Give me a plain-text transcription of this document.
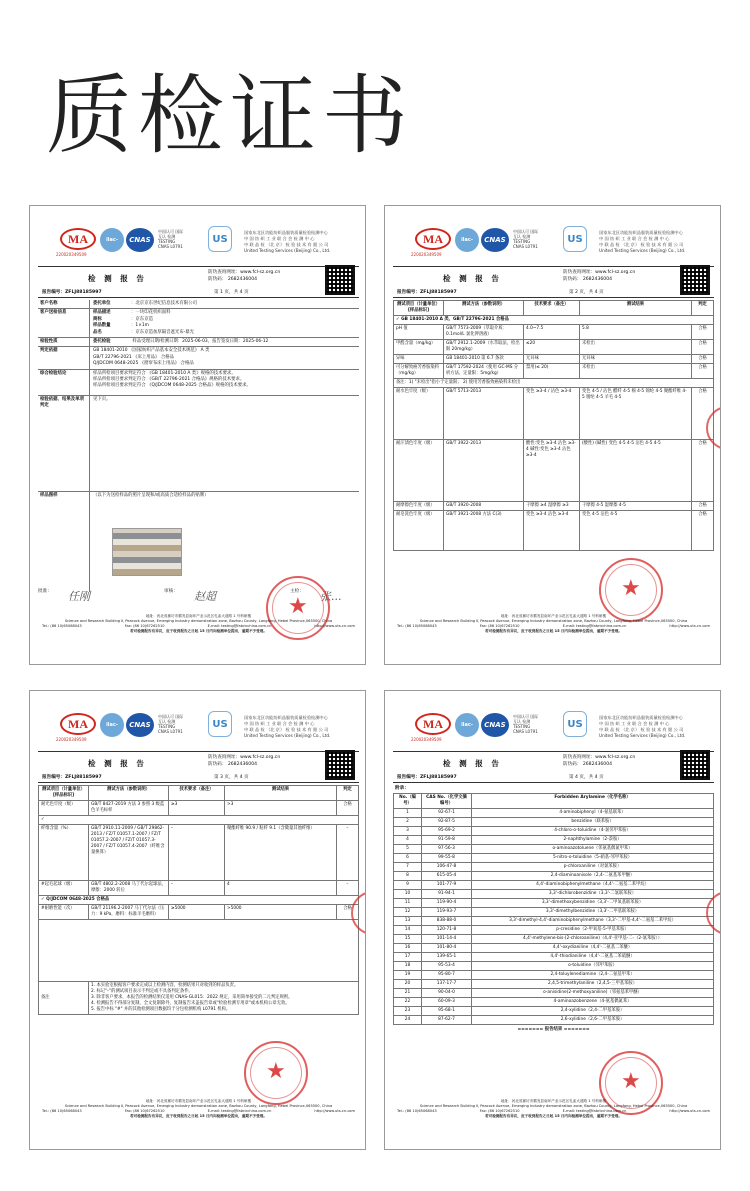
质检证书
MA
220020349509
ilac-MRA
CNAS
中国认可 国际互认 检测 TESTING CNAS L0791
US
国家东北区功能纺织品服装质量检验检测中心
中 国 纺 织 工 业 联 合 会 检 测 中 心
中 联 品 检 （北 京） 检 验 技 术 有 限 公 司
United Testing Services (Beijing) Co., Ltd.
检 测 报 告
防伪查询网址：www.fcl-sz.org.cn
防伪码： 2682436004
报告编号：ZFLJ88185997	第 1 页，共 4 页
客户名称	委托单位	：北京京东世纪信息技术有限公司
客户送检信息	样品描述	：一块印花机织面料
商标	：京东京造
样品数量	：1×1m
品名	：京东京造加厚隔音遮光布-暴光
检验性质	委托检验	样品受理日期/检测日期：2025-06-03，报告签发日期：2025-06-12
判定依据	GB 18401-2010 《国家纺织产品基本安全技术规范》 A 类
GB/T 22796-2021 《床上用品》 合格品
Q/JDCOM 0648-2025 《窗帘布床上用品》 合格品
综合检验结论	样品所检项目要求判定符合 《GB 18401-2010 A 类》规格的技术要求。
样品所检项目要求判定符合 《GB/T 22796-2021 合格品》规格的技术要求。
样品所检项目要求判定符合 《Q/JDCOM 0648-2025 合格品》规格的技术要求。
检验依据、结果及单项判定
见下页。
样品图样	（以下为送检样品的照片呈现和/或高质合适检样品的贴牌）
批准：	任刚	审核：	赵超	主检：	张...
★
地址：河北省廊坊市霸发县南环产业示范区孔雀大道路 1 号科研楼
Science and Research Building Ⅱ, Peacock Avenue, Emerging Industry demonstration zone, Bazhou County, Langfang, Hebei Province,065500, China
Tel.: (86 10)65068043	Fax: (86 10)67262510	E-mail: testing@fabricchina.com.cn	http://www.uts-cn.com
若对检测报告有异议，应于收到报告之日起 15 日内向检测单位提出，逾期不予受理。
MA
220020349509
ilac-MRA
CNAS
中国认可 国际互认 检测 TESTING CNAS L0791
US
国家东北区功能纺织品服装质量检验检测中心
中 国 纺 织 工 业 联 合 会 检 测 中 心
中 联 品 检 （北 京） 检 验 技 术 有 限 公 司
United Testing Services (Beijing) Co., Ltd.
检 测 报 告
防伪查询网址：www.fcl-sz.org.cn
防伪码： 2682436004
报告编号：ZFLJ88185997	第 2 页，共 4 页
测试项目（计量单位）[样品标识]	测试方法（参数说明）	技术要求（备注）	测试结果	判定
✓ GB 18401-2010 A 类、GB/T 22796-2021 合格品				
pH 值	GB/T 7573-2009（萃取介质：0.1mol/L 氯化钾溶液）	4.0~7.5	5.8	合格
甲醛含量（mg/kg）	GB/T 2912.1-2009（水萃取法，检出限 20mg/kg）	≤20	未检出	合格
异味	GB 18401-2010 第 6.7 条款	无异味	无异味	合格
可分解致癌芳香胺染料（mg/kg）	GB/T 17592-2024（使用 GC-MS 分析方法，定量限：5mg/kg）	禁用(≤ 20)	未检出	合格
备注：1) "未检出"指小于定量限； 2) 使用芳香胺致癌染料未检出				
耐水色牢度（级）	GB/T 5713-2013	变色 ≥3-4 / 沾色 ≥3-4	变色 4-5 / 沾色 醋纤 4-5 棉 4-5 锦纶 4-5 聚酯纤维 4-5 腈纶 4-5 羊毛 4-5	合格
耐汗渍色牢度（级）	GB/T 3922-2013	酸性:变色 ≥3-4 沾色 ≥3-4 碱性:变色 ≥3-4 沾色 ≥3-4	(酸性) (碱性) 变色 4-5 4-5 沾色 4-5 4-5	合格
耐摩擦色牢度（级）	GB/T 3920-2008	干摩擦 ≥4 湿摩擦 ≥3	干摩擦 4-5 湿摩擦 4-5	合格
耐皂洗色牢度（级）	GB/T 3921-2008 方法 C(3)	变色 ≥3-4 沾色 ≥3-4	变色 4-5 沾色 4-5	合格
★
地址：河北省廊坊市霸发县南环产业示范区孔雀大道路 1 号科研楼
Science and Research Building Ⅱ, Peacock Avenue, Emerging Industry demonstration zone, Bazhou County, Langfang, Hebei Province,065500, China
Tel.: (86 10)65068043	Fax: (86 10)67262510	E-mail: testing@fabricchina.com.cn	http://www.uts-cn.com
若对检测报告有异议，应于收到报告之日起 15 日内向检测单位提出，逾期不予受理。
MA
220020349509
ilac-MRA
CNAS
中国认可 国际互认 检测 TESTING CNAS L0791
US
国家东北区功能纺织品服装质量检验检测中心
中 国 纺 织 工 业 联 合 会 检 测 中 心
中 联 品 检 （北 京） 检 验 技 术 有 限 公 司
United Testing Services (Beijing) Co., Ltd.
检 测 报 告
防伪查询网址：www.fcl-sz.org.cn
防伪码： 2682436004
报告编号：ZFLJ88185997	第 3 页，共 4 页
测试项目（计量单位）[样品标识]	测试方法（参数说明）	技术要求（备注）	测试结果	判定
耐光色牢度（级）	GB/T 8427-2019 方法 3 参照 3 级蓝色羊毛标样	≥3	>3	合格
✓				
纤维含量（%）	GB/T 2910.11-2009 / GB/T 29862-2013 / FZ/T 01057.1-2007 / FZ/T 01057.2-2007 / FZ/T 01057.3-2007 / FZ/T 01057.4-2007（纤维含量换算）	–	聚酯纤维 90.9 / 粘纤 9.1（含微量其他纤维）	–
#起毛起球（级）	GB/T 4802.2-2008 马丁代尔起球法，摩擦：2000 转后	–	4	–
✓ Q/JDCOM 0648-2025 合格品				
#耐磨性能（次）	GB/T 21196.2-2007 马丁代尔法（压力：9 kPa，磨料：标准羊毛磨料）	≥5000	>5000	合格

备注	1. 本实验室根据客户要求完成以上检测内容，检测结果只对收到的样品负责。
2. 标记"–"的测试项目表示不判定或不具备判定条件。
3. 除非客户要求，本报告的检测结果仅适用 CNAS-GL015：2022 规定，采用简单接受的二元判定规则。
4. 检测报告不得部分复制，全文复制除外，复制报告未盖报告章或"检验检测专用章"或本机构公章无效。
5. 报告中标 "#" 并的其他检测项目数据均于分包检测机构 L0791 机构。			
★
地址：河北省廊坊市霸发县南环产业示范区孔雀大道路 1 号科研楼
Science and Research Building Ⅱ, Peacock Avenue, Emerging Industry demonstration zone, Bazhou County, Langfang, Hebei Province,065500, China
Tel.: (86 10)65068043	Fax: (86 10)67262510	E-mail: testing@fabricchina.com.cn	http://www.uts-cn.com
若对检测报告有异议，应于收到报告之日起 15 日内向检测单位提出，逾期不予受理。
MA
220020349509
ilac-MRA
CNAS
中国认可 国际互认 检测 TESTING CNAS L0791
US
国家东北区功能纺织品服装质量检验检测中心
中 国 纺 织 工 业 联 合 会 检 测 中 心
中 联 品 检 （北 京） 检 验 技 术 有 限 公 司
United Testing Services (Beijing) Co., Ltd.
检 测 报 告
防伪查询网址：www.fcl-sz.org.cn
防伪码： 2682436004
报告编号：ZFLJ88185997	第 4 页，共 4 页
附录：
No.（编号）	CAS No.（化学文摘编号）	Forbidden Arylamine（化学名称）
1	92-67-1	4-aminobiphenyl（4-氨基联苯）
2	92-87-5	benzidine（联苯胺）
3	95-69-2	4-chloro-o-toluidine（4-氯邻甲苯胺）
4	91-59-8	2-naphthylamine（2-萘胺）
5	97-56-3	o-aminoazotoluene（邻氨基偶氮甲苯）
6	99-55-8	5-nitro-o-toluidine（5-硝基-邻甲苯胺）
7	106-47-8	p-chloroaniline（对氯苯胺）
8	615-05-4	2,4-diaminoanisole（2,4-二氨基苯甲醚）
9	101-77-9	4,4'-diaminobiphenylmethane（4,4'-二氨基二苯甲烷）
10	91-94-1	3,3'-dichlorobenzidine（3,3'-二氯联苯胺）
11	119-90-4	3,3'-dimethoxybenzidine（3,3'-二甲氧基联苯胺）
12	119-93-7	3,3'-dimethylbenzidine（3,3'-二甲基联苯胺）
13	838-88-0	3,3'-dimethyl-4,4'-diaminobiphenylmethane（3,3'-二甲基-4,4'-二氨基二苯甲烷）
14	120-71-8	p-cresidine（2-甲氧基-5-甲基苯胺）
15	101-14-4	4,4'-methylene-bis-(2-chloroaniline)（4,4'-亚甲基-二-（2-氯苯胺））
16	101-80-4	4,4'-oxydianiline（4,4'-二氨基二苯醚）
17	139-65-1	4,4'-thiodianiline（4,4'-二氨基二苯硫醚）
18	95-53-4	o-toluidine（邻甲苯胺）
19	95-80-7	2,4-toluylenediamine（2,4-二氨基甲苯）
20	137-17-7	2,4,5-trimethylaniline（2,4,5-三甲基苯胺）
21	90-04-0	o-anisidine(2-methoxyaniline)（邻氨基苯甲醚）
22	60-09-3	4-aminoazobenzene（4-氨基偶氮苯）
23	95-68-1	2,4-xylidine（2,4-二甲基苯胺）
24	87-62-7	2,6-xylidine（2,6-二甲基苯胺）
======= 报告结束 =======
★
地址：河北省廊坊市霸发县南环产业示范区孔雀大道路 1 号科研楼
Science and Research Building Ⅱ, Peacock Avenue, Emerging Industry demonstration zone, Bazhou County, Langfang, Hebei Province,065500, China
Tel.: (86 10)65068043	Fax: (86 10)67262510	E-mail: testing@fabricchina.com.cn	http://www.uts-cn.com
若对检测报告有异议，应于收到报告之日起 15 日内向检测单位提出，逾期不予受理。
